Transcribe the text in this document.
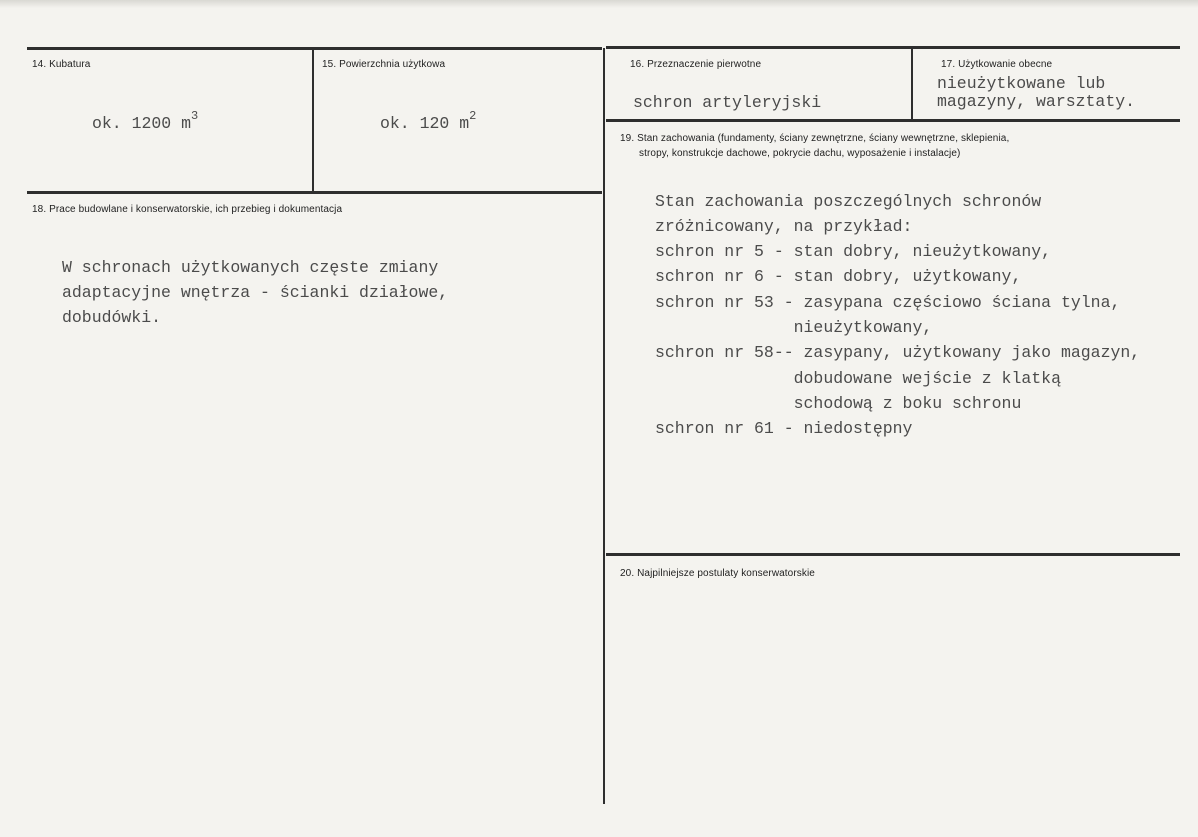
14. Kubatura
ok. 1200 $m^3$
15. Powierzchnia użytkowa
ok. 120 $m^2$
16. Przeznaczenie pierwotne
schron artyleryjski
17. Użytkowanie obecne
nieużytkowane lub
magazyny, warsztaty.
18. Prace budowlane i konserwatorskie, ich przebieg i dokumentacja
W schronach użytkowanych częste zmiany
adaptacyjne wnętrza - ścianki działowe,
dobudówki.
19. Stan zachowania (fundamenty, ściany zewnętrzne, ściany wewnętrzne, sklepienia,
stropy, konstrukcje dachowe, pokrycie dachu, wyposażenie i instalacje)
Stan zachowania poszczególnych schronów
zróżnicowany, na przykład:
schron nr 5 - stan dobry, nieużytkowany,
schron nr 6 - stan dobry, użytkowany,
schron nr 53 - zasypana częściowo ściana tylna,
nieużytkowany,
schron nr 58-- zasypany, użytkowany jako magazyn,
dobudowane wejście z klatką
schodową z boku schronu
schron nr 61 - niedostępny
20. Najpilniejsze postulaty konserwatorskie
